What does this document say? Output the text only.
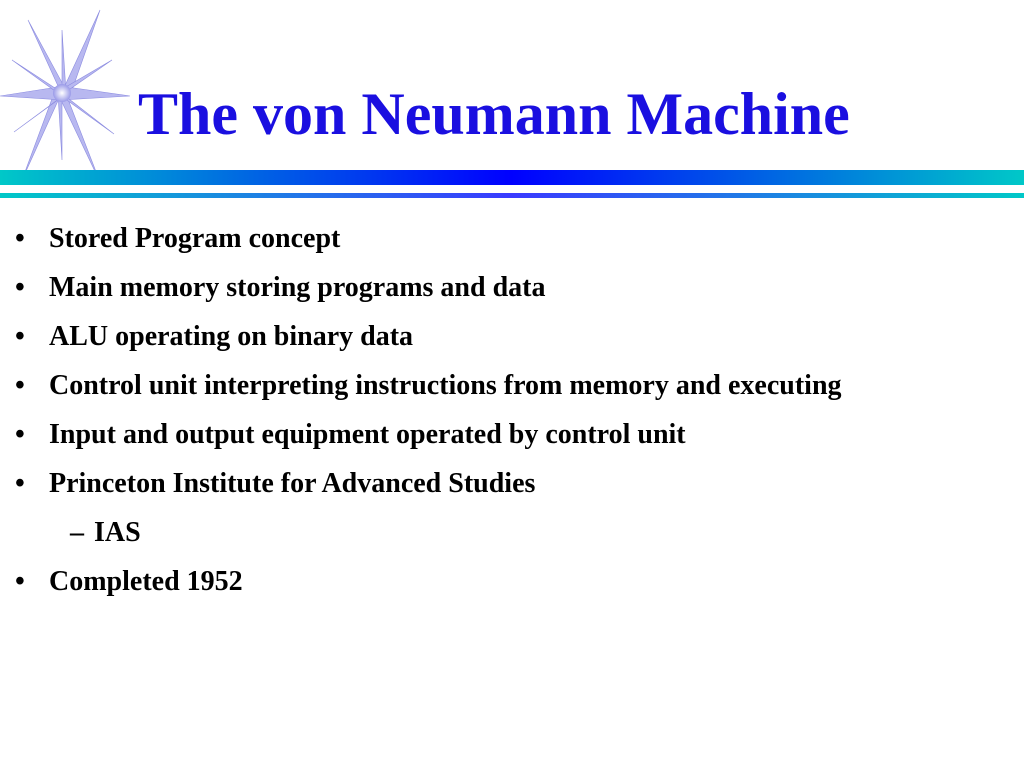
The von Neumann Machine
• Stored Program concept
• Main memory storing programs and data
• ALU operating on binary data
• Control unit interpreting instructions from memory and executing
• Input and output equipment operated by control unit
• Princeton Institute for Advanced Studies
– IAS
• Completed 1952
